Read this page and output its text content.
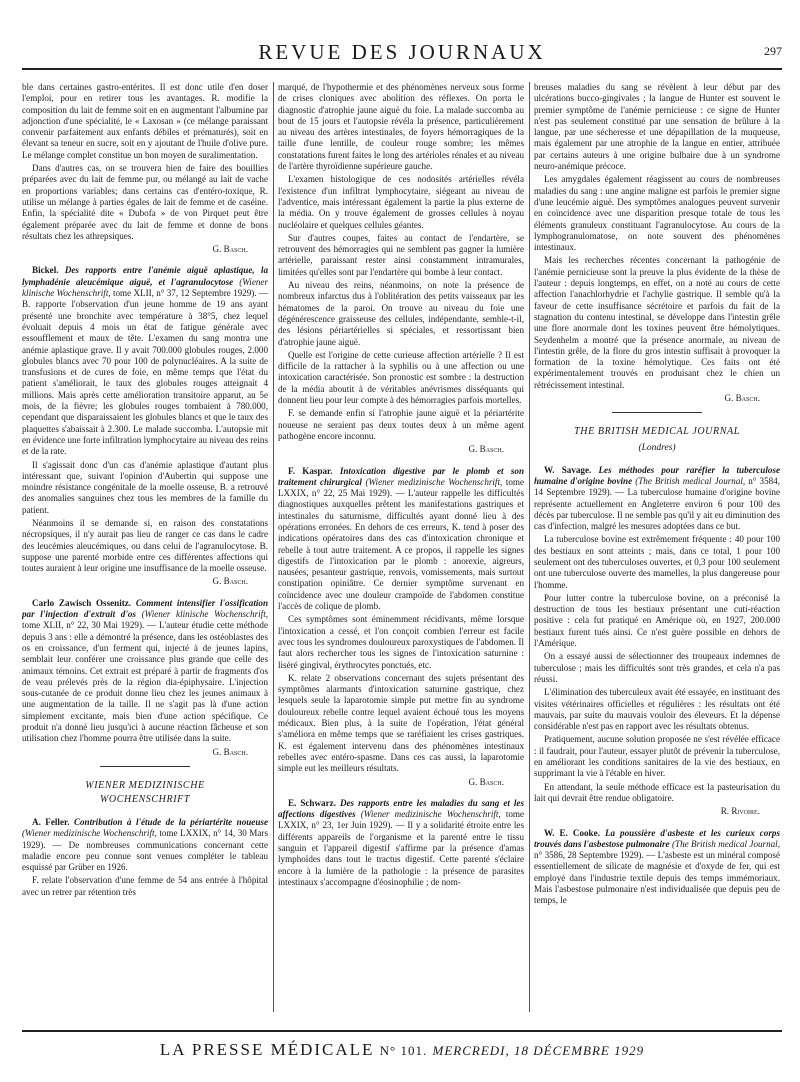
REVUE DES JOURNAUX	297

ble dans certaines gastro-entérites. Il est donc utile d'en doser l'emploi, pour en retirer tous les avantages. R. modifie la composition du lait de femme soit en en augmentant l'albumine par adjonction d'une spécialité, le « Laxosan » (ce mélange paraissant convenir parfaitement aux enfants débiles et prématurés), soit en élevant sa teneur en sucre, soit en y ajoutant de l'huile d'olive pure. Le mélange complet constitue un bon moyen de suralimentation.

Dans d'autres cas, on se trouvera bien de faire des bouillies préparées avec du lait de femme pur, ou mélangé au lait de vache en proportions variables; dans certains cas d'entéro-toxique, R. utilise un mélange à parties égales de lait de femme et de caséine. Enfin, la spécialité dite « Dubofa » de von Pirquet peut être également préparée avec du lait de femme et donne de bons résultats chez les athrepsiques.

G. Basch.

Bickel. Des rapports entre l'anémie aiguë aplastique, la lymphadénie aleucémique aiguë, et l'agranulocytose (Wiener klinische Wochenschrift, tome XLII, n° 37, 12 Septembre 1929). — B. rapporte l'observation d'un jeune homme de 19 ans ayant présenté une bronchite avec température à 38°5, chez lequel évoluait depuis 4 mois un état de fatigue générale avec essoufflement et maux de tête. L'examen du sang montra une anémie aplastique grave. Il y avait 700.000 globules rouges, 2.000 globules blancs avec 70 pour 100 de polynucléaires. A la suite de transfusions et de cures de foie, en même temps que l'état du patient s'améliorait, le taux des globules rouges atteignait 4 millions. Mais après cette amélioration transitoire apparut, au 5e mois, de la fièvre; les globules rouges tombaient à 780.000, cependant que disparaissaient les globules blancs et que le taux des plaquettes s'abaissait à 2.300. Le malade succomba. L'autopsie mit en évidence une forte infiltration lymphocytaire au niveau des reins et de la rate.

Il s'agissait donc d'un cas d'anémie aplastique d'autant plus intéressant que, suivant l'opinion d'Aubertin qui suppose une moindre résistance congénitale de la moelle osseuse, B. a retrouvé des anomalies sanguines chez tous les membres de la famille du patient.

Néanmoins il se demande si, en raison des constatations nécropsiques, il n'y aurait pas lieu de ranger ce cas dans le cadre des leucémies aleucémiques, ou dans celui de l'agranulocytose. B. suppose une parenté morbide entre ces différentes affections qui toutes auraient à leur origine une insuffisance de la moelle osseuse.

G. Basch.

Carlo Zawisch Ossenitz. Comment intensifier l'ossification par l'injection d'extrait d'os (Wiener klinische Wochenschrift, tome XLII, n° 22, 30 Mai 1929). — L'auteur étudie cette méthode depuis 3 ans : elle a démontré la présence, dans les ostéoblastes des os en croissance, d'un ferment qui, injecté à de jeunes lapins, semblait leur conférer une croissance plus grande que celle des animaux témoins. Cet extrait est préparé à partir de fragments d'os de veau prélevés près de la région dia-épiphysaire. L'injection sous-cutanée de ce produit donne lieu chez les jeunes animaux à une augmentation de la taille. Il ne s'agit pas là d'une action simplement excitante, mais bien d'une action spécifique. Ce produit n'a donné lieu jusqu'ici à aucune réaction fâcheuse et son utilisation chez l'homme pourra être utilisée dans la suite.

G. Basch.
WIENER MEDIZINISCHE
WOCHENSCHRIFT

A. Feller. Contribution à l'étude de la périartérite noueuse (Wiener medizinische Wochenschrift, tome LXXIX, n° 14, 30 Mars 1929). — De nombreuses communications concernant cette maladie encore peu connue sont venues compléter le tableau esquissé par Grüber en 1926.

F. relate l'observation d'une femme de 54 ans entrée à l'hôpital avec un retrer par rétention très

marqué, de l'hypothermie et des phénomènes nerveux sous forme de crises cloniques avec abolition des réflexes. On porta le diagnostic d'atrophie jaune aiguë du foie. La malade succomba au bout de 15 jours et l'autopsie révéla la présence, particulièrement au niveau des artères intestinales, de foyers hémorragiques de la taille d'une lentille, de couleur rouge sombre; les mêmes constatations furent faites le long des artérioles rénales et au niveau de l'artère thyroïdienne supérieure gauche.

L'examen histologique de ces nodosités artérielles révéla l'existence d'un infiltrat lymphocytaire, siégeant au niveau de l'adventice, mais intéressant également la partie la plus externe de la média. On y trouve également de grosses cellules à noyau nucléolaire et quelques cellules géantes.

Sur d'autres coupes, faites au contact de l'endartère, se retrouvent des hémorragies qui ne semblent pas gagner la lumière artérielle, paraissant rester ainsi constamment intramurales, limitées qu'elles sont par l'endartère qui bombe à leur contact.

Au niveau des reins, néanmoins, on note la présence de nombreux infarctus dus à l'oblitération des petits vaisseaux par les hématomes de la paroi. On trouve au niveau du foie une dégénérescence graisseuse des cellules, indépendante, semble-t-il, des lésions périartérielles si spéciales, et ressortissant bien d'atrophie jaune aiguë.

Quelle est l'origine de cette curieuse affection artérielle ? Il est difficile de la rattacher à la syphilis ou à une affection ou une intoxication caractérisée. Son pronostic est sombre : la destruction de la média aboutit à de véritables anévrismes disséquants qui donnent lieu pour leur compte à des hémorragies parfois mortelles.

F. se demande enfin si l'atrophie jaune aiguë et la périartérite noueuse ne seraient pas deux toutes deux à un même agent pathogène encore inconnu.

G. Basch.

F. Kaspar. Intoxication digestive par le plomb et son traitement chirurgical (Wiener medizinische Wochenschrift, tome LXXIX, n° 22, 25 Mai 1929). — L'auteur rappelle les difficultés diagnostiques auxquelles prêtent les manifestations gastriques et intestinales du saturnisme, difficultés ayant donné lieu à des opérations erronées. En dehors de ces erreurs, K. tend à poser des indications opératoires dans des cas d'intoxication chronique et rebelle à tout autre traitement. A ce propos, il rappelle les signes digestifs de l'intoxication par le plomb : anorexie, aigreurs, nausées, pesanteur gastrique, renvois, vomissements, mais surtout constipation opiniâtre. Ce dernier symptôme survenant en coïncidence avec une douleur crampoïde de l'abdomen constitue l'accès de colique de plomb.

Ces symptômes sont éminemment récidivants, même lorsque l'intoxication a cessé, et l'on conçoit combien l'erreur est facile avec tous les syndromes douloureux paroxystiques de l'abdomen. Il faut alors rechercher tous les signes de l'intoxication saturnine : liséré gingival, érythrocytes ponctués, etc.

K. relate 2 observations concernant des sujets présentant des symptômes alarmants d'intoxication saturnine gastrique, chez lesquels seule la laparotomie simple put mettre fin au syndrome douloureux rebelle contre lequel avaient échoué tous les moyens médicaux. Bien plus, à la suite de l'opération, l'état général s'améliora en même temps que se raréfiaient les crises gastriques. K. est également intervenu dans des phénomènes intestinaux rebelles avec entéro-spasme. Dans ces cas aussi, la laparotomie simple eut les meilleurs résultats.

G. Basch.

E. Schwarz. Des rapports entre les maladies du sang et les affections digestives (Wiener medizinische Wochenschrift, tome LXXIX, n° 23, 1er Juin 1929). — Il y a solidarité étroite entre les différents appareils de l'organisme et la parenté entre le tissu sanguin et l'appareil digestif s'affirme par la présence d'amas lymphoïdes dans tout le tractus digestif. Cette parenté s'éclaire encore à la lumière de la pathologie : la présence de parasites intestinaux s'accompagne d'éosinophilie ; de nom-

breuses maladies du sang se révèlent à leur début par des ulcérations bucco-gingivales ; la langue de Hunter est souvent le premier symptôme de l'anémie pernicieuse : ce signe de Hunter n'est pas seulement constitué par une sensation de brûlure à la langue, par une sécheresse et une dépapillation de la muqueuse, mais également par une atrophie de la langue en entier, attribuée par certains auteurs à une origine bulbaire due à un syndrome neuro-anémique précoce.

Les amygdales également réagissent au cours de nombreuses maladies du sang : une angine maligne est parfois le premier signe d'une leucémie aiguë. Des symptômes analogues peuvent survenir en coïncidence avec une disparition presque totale de tous les éléments granuleux constituant l'agranulocytose. Au cours de la lymphogranulomatose, on note souvent des phénomènes intestinaux.

Mais les recherches récentes concernant la pathogénie de l'anémie pernicieuse sont la preuve la plus évidente de la thèse de l'auteur : depuis longtemps, en effet, on a noté au cours de cette affection l'anachlorhydrie et l'achylie gastrique. Il semble qu'à la faveur de cette insuffisance sécrétoire et parfois du fait de la stagnation du contenu intestinal, se développe dans l'intestin grêle une flore anormale dont les toxines peuvent être hémolytiques. Seydenhelm a montré que la présence anormale, au niveau de l'intestin grêle, de la flore du gros intestin suffisait à provoquer la formation de la toxine hémolytique. Ces faits ont été expérimentalement trouvés en produisant chez le chien un rétrécissement intestinal.

G. Basch.
THE BRITISH MEDICAL JOURNAL
(Londres)

W. Savage. Les méthodes pour raréfier la tuberculose humaine d'origine bovine (The British medical Journal, n° 3584, 14 Septembre 1929). — La tuberculose humaine d'origine bovine représente actuellement en Angleterre environ 6 pour 100 des décès par tuberculose. Il ne semble pas qu'il y ait eu diminution des cas d'infection, malgré les mesures adoptées dans ce but.

La tuberculose bovine est extrêmement fréquente : 40 pour 100 des bestiaux en sont atteints ; mais, dans ce total, 1 pour 100 seulement ont des tuberculoses ouvertes, et 0,3 pour 100 seulement ont une tuberculose ouverte des mamelles, la plus dangereuse pour l'homme.

Pour lutter contre la tuberculose bovine, on a préconisé la destruction de tous les bestiaux présentant une cuti-réaction positive : cela fut pratiqué en Amérique où, en 1927, 200.000 bestiaux furent tués ainsi. Ce n'est guère possible en dehors de l'Amérique.

On a essayé aussi de sélectionner des troupeaux indemnes de tuberculose ; mais les difficultés sont très grandes, et cela n'a pas réussi.

L'élimination des tuberculeux avait été essayée, en instituant des visites vétérinaires officielles et régulières : les résultats ont été mauvais, par suite du mauvais vouloir des éleveurs. Et la dépense considérable n'est pas en rapport avec les résultats obtenus.

Pratiquement, aucune solution proposée ne s'est révélée efficace : il faudrait, pour l'auteur, essayer plutôt de prévenir la tuberculose, en améliorant les conditions sanitaires de la vie des bestiaux, en supprimant la vie à l'étable en hiver.

En attendant, la seule méthode efficace est la pasteurisation du lait qui devrait être rendue obligatoire.

R. Rivoire.

W. E. Cooke. La poussière d'asbeste et les curieux corps trouvés dans l'asbestose pulmonaire (The British medical Journal, n° 3586, 28 Septembre 1929). — L'asbeste est un minéral composé essentiellement de silicate de magnésie et d'oxyde de fer, qui est employé dans l'industrie textile depuis des temps immémoriaux. Mais l'asbestose pulmonaire n'est individualisée que depuis peu de temps, le

LA PRESSE MÉDICALE N° 101. MERCREDI, 18 DÉCEMBRE 1929
